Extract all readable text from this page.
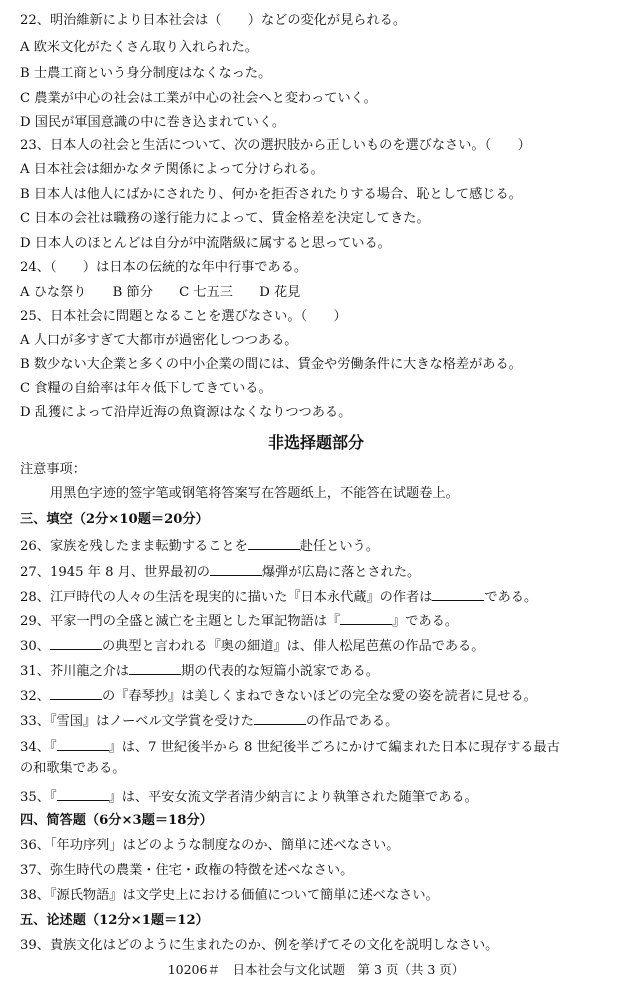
22、明治維新により日本社会は（　　）などの変化が見られる。
A 欧米文化がたくさん取り入れられた。
B 士農工商という身分制度はなくなった。
C 農業が中心の社会は工業が中心の社会へと変わっていく。
D 国民が軍国意識の中に巻き込まれていく。
23、日本人の社会と生活について、次の選択肢から正しいものを選びなさい。（　　）
A 日本社会は細かなタテ関係によって分けられる。
B 日本人は他人にばかにされたり、何かを拒否されたりする場合、恥として感じる。
C 日本の会社は職務の遂行能力によって、賃金格差を決定してきた。
D 日本人のほとんどは自分が中流階級に属すると思っている。
24、（　　）は日本の伝統的な年中行事である。
A ひな祭り B 節分 C 七五三 D 花見
25、日本社会に問題となることを選びなさい。（　　）
A 人口が多すぎて大都市が過密化しつつある。
B 数少ない大企業と多くの中小企業の間には、賃金や労働条件に大きな格差がある。
C 食糧の自給率は年々低下してきている。
D 乱獲によって沿岸近海の魚資源はなくなりつつある。
非选择题部分
注意事项：
用黑色字迹的签字笔或钢笔将答案写在答题纸上，不能答在试题卷上。
三、填空（2分×10题＝20分）
26、家族を残したまま転勤することを	赴任という。
27、1945 年 8 月、世界最初の	爆弾が広島に落とされた。
28、江戸時代の人々の生活を現実的に描いた『日本永代蔵』の作者は	である。
29、平家一門の全盛と滅亡を主題とした軍記物語は『	』である。
30、	の典型と言われる『奥の細道』は、俳人松尾芭蕉の作品である。
31、芥川龍之介は	期の代表的な短篇小説家である。
32、	の『春琴抄』は美しくまねできないほどの完全な愛の姿を読者に見せる。
33、『雪国』はノーベル文学賞を受けた	の作品である。
34、『	』は、7 世紀後半から 8 世紀後半ごろにかけて編まれた日本に現存する最古
の和歌集である。
35、『	』は、平安女流文学者清少納言により執筆された随筆である。
四、简答题（6分×3题＝18分）
36、「年功序列」はどのような制度なのか、簡単に述べなさい。
37、弥生時代の農業・住宅・政権の特徴を述べなさい。
38、『源氏物語』は文学史上における価値について簡単に述べなさい。
五、论述题（12分×1题＝12）
39、貴族文化はどのように生まれたのか、例を挙げてその文化を説明しなさい。
10206＃　日本社会与文化试题　第 3 页（共 3 页）
